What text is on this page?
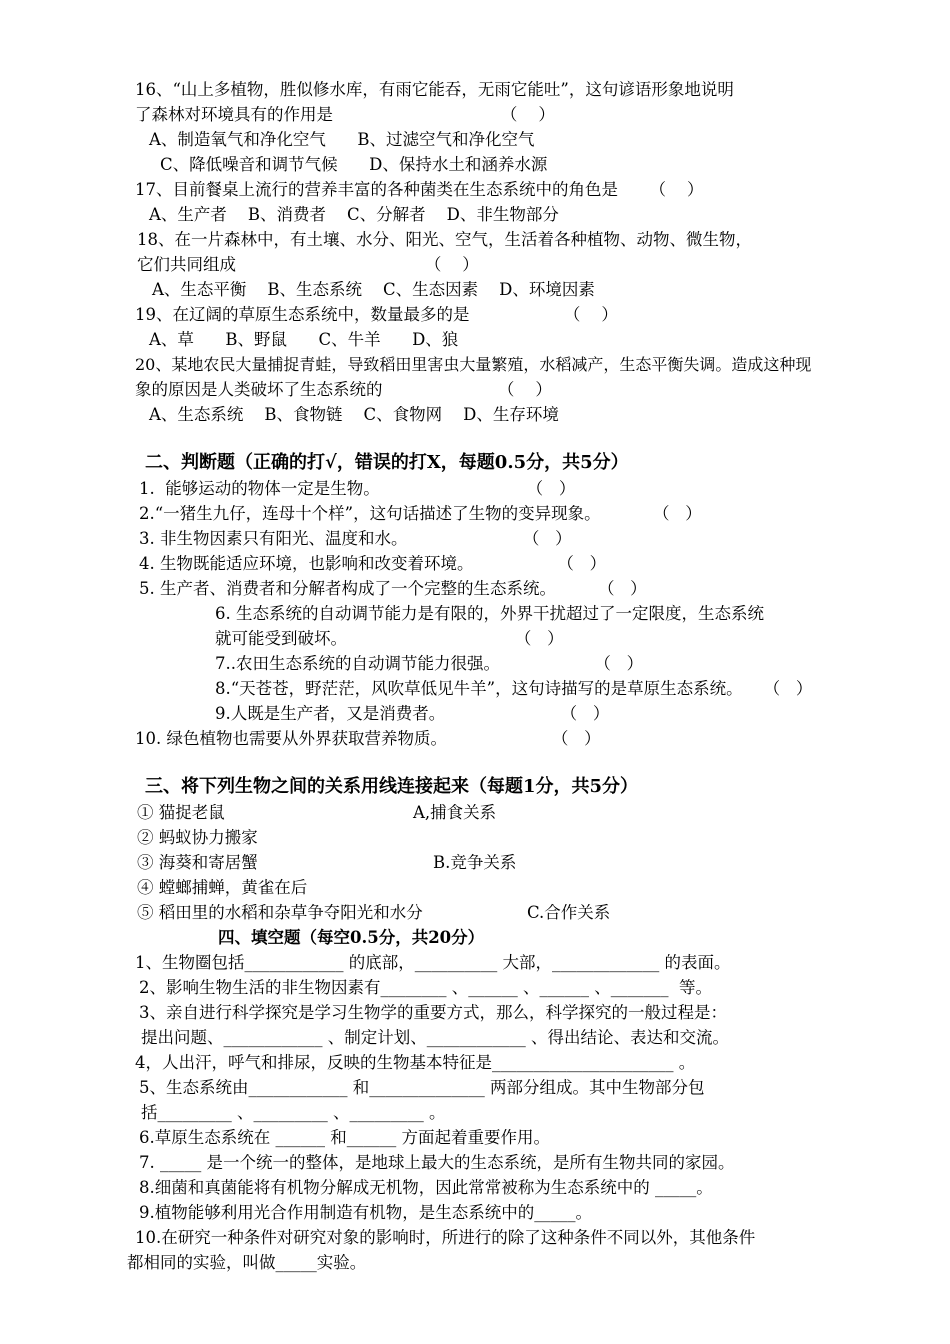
16、“山上多植物，胜似修水库，有雨它能吞，无雨它能吐”，这句谚语形象地说明
了森林对环境具有的作用是                                （    ）
A、制造氧气和净化空气      B、过滤空气和净化空气
C、降低噪音和调节气候      D、保持水土和涵养水源
17、目前餐桌上流行的营养丰富的各种菌类在生态系统中的角色是      （    ）
A、生产者    B、消费者    C、分解者    D、非生物部分
18、在一片森林中，有土壤、水分、阳光、空气，生活着各种植物、动物、微生物，
它们共同组成                                    （    ）
A、生态平衡    B、生态系统    C、生态因素    D、环境因素
19、在辽阔的草原生态系统中，数量最多的是                  （    ）
A、草      B、野鼠      C、牛羊      D、狼
20、某地农民大量捕捉青蛙，导致稻田里害虫大量繁殖，水稻减产，生态平衡失调。造成这种现
象的原因是人类破坏了生态系统的                      （    ）
A、生态系统    B、食物链    C、食物网    D、生存环境
二、判断题（正确的打√，错误的打X，每题0.5分，共5分）
1.  能够运动的物体一定是生物。                            （   ）
2.“一猪生九仔，连母十个样”，这句话描述了生物的变异现象。          （   ）
3. 非生物因素只有阳光、温度和水。                      （   ）
4. 生物既能适应环境，也影响和改变着环境。                （   ）
5. 生产者、消费者和分解者构成了一个完整的生态系统。        （   ）
6. 生态系统的自动调节能力是有限的，外界干扰超过了一定限度，生态系统
就可能受到破坏。                                （   ）
7..农田生态系统的自动调节能力很强。                  （   ）
8.“天苍苍，野茫茫，风吹草低见牛羊”，这句诗描写的是草原生态系统。    （   ）
9.人既是生产者，又是消费者。                      （   ）
10. 绿色植物也需要从外界获取营养物质。                    （   ）
三、将下列生物之间的关系用线连接起来（每题1分，共5分）
① 猫捉老鼠	A,捕食关系
② 蚂蚁协力搬家
③ 海葵和寄居蟹	B.竞争关系
④ 螳螂捕蝉，黄雀在后
⑤ 稻田里的水稻和杂草争夺阳光和水分	C.合作关系
四、填空题（每空0.5分，共20分）
1、生物圈包括____________ 的底部，__________ 大部，_____________ 的表面。
2、影响生物生活的非生物因素有________ 、______ 、______ 、_______  等。
3、亲自进行科学探究是学习生物学的重要方式，那么，科学探究的一般过程是：
提出问题、____________ 、制定计划、____________ 、得出结论、表达和交流。
4，人出汗，呼气和排尿，反映的生物基本特征是______________________ 。
5、生态系统由____________ 和______________ 两部分组成。其中生物部分包
括_________ 、_________ 、_________ 。
6.草原生态系统在 ______ 和______ 方面起着重要作用。
7. _____ 是一个统一的整体，是地球上最大的生态系统，是所有生物共同的家园。
8.细菌和真菌能将有机物分解成无机物，因此常常被称为生态系统中的 _____。
9.植物能够利用光合作用制造有机物，是生态系统中的_____。
10.在研究一种条件对研究对象的影响时，所进行的除了这种条件不同以外，其他条件
都相同的实验，叫做_____实验。
